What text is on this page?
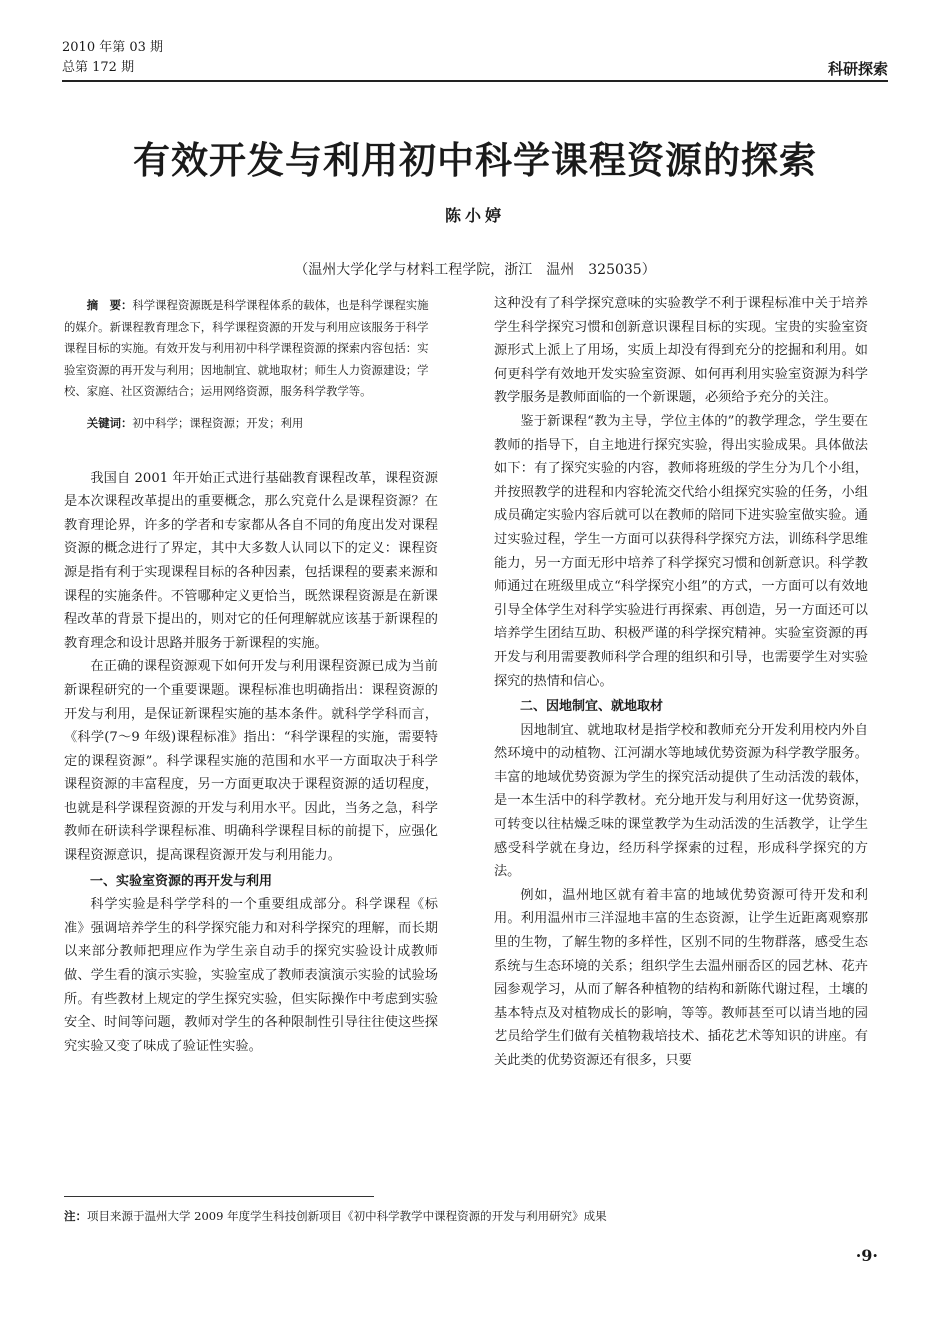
2010 年第 03 期
总第 172 期	科研探索
有效开发与利用初中科学课程资源的探索
陈小婷
（温州大学化学与材料工程学院，浙江　温州　325035）
摘　要：科学课程资源既是科学课程体系的载体，也是科学课程实施的媒介。新课程教育理念下，科学课程资源的开发与利用应该服务于科学课程目标的实施。有效开发与利用初中科学课程资源的探索内容包括：实验室资源的再开发与利用；因地制宜、就地取材；师生人力资源建设；学校、家庭、社区资源结合；运用网络资源，服务科学教学等。
关键词：初中科学；课程资源；开发；利用

我国自 2001 年开始正式进行基础教育课程改革，课程资源是本次课程改革提出的重要概念，那么究竟什么是课程资源？在教育理论界，许多的学者和专家都从各自不同的角度出发对课程资源的概念进行了界定，其中大多数人认同以下的定义：课程资源是指有利于实现课程目标的各种因素，包括课程的要素来源和课程的实施条件。不管哪种定义更恰当，既然课程资源是在新课程改革的背景下提出的，则对它的任何理解就应该基于新课程的教育理念和设计思路并服务于新课程的实施。

在正确的课程资源观下如何开发与利用课程资源已成为当前新课程研究的一个重要课题。课程标准也明确指出：课程资源的开发与利用，是保证新课程实施的基本条件。就科学学科而言，《科学(7～9 年级)课程标准》指出：“科学课程的实施，需要特定的课程资源”。科学课程实施的范围和水平一方面取决于科学课程资源的丰富程度，另一方面更取决于课程资源的适切程度，也就是科学课程资源的开发与利用水平。因此，当务之急，科学教师在研读科学课程标准、明确科学课程目标的前提下，应强化课程资源意识，提高课程资源开发与利用能力。

一、实验室资源的再开发与利用

科学实验是科学学科的一个重要组成部分。科学课程《标准》强调培养学生的科学探究能力和对科学探究的理解，而长期以来部分教师把理应作为学生亲自动手的探究实验设计成教师做、学生看的演示实验，实验室成了教师表演演示实验的试验场所。有些教材上规定的学生探究实验，但实际操作中考虑到实验安全、时间等问题，教师对学生的各种限制性引导往往使这些探究实验又变了味成了验证性实验。

这种没有了科学探究意味的实验教学不利于课程标准中关于培养学生科学探究习惯和创新意识课程目标的实现。宝贵的实验室资源形式上派上了用场，实质上却没有得到充分的挖掘和利用。如何更科学有效地开发实验室资源、如何再利用实验室资源为科学教学服务是教师面临的一个新课题，必须给予充分的关注。

鉴于新课程“教为主导，学位主体的”的教学理念，学生要在教师的指导下，自主地进行探究实验，得出实验成果。具体做法如下：有了探究实验的内容，教师将班级的学生分为几个小组，并按照教学的进程和内容轮流交代给小组探究实验的任务，小组成员确定实验内容后就可以在教师的陪同下进实验室做实验。通过实验过程，学生一方面可以获得科学探究方法，训练科学思维能力，另一方面无形中培养了科学探究习惯和创新意识。科学教师通过在班级里成立“科学探究小组”的方式，一方面可以有效地引导全体学生对科学实验进行再探索、再创造，另一方面还可以培养学生团结互助、积极严谨的科学探究精神。实验室资源的再开发与利用需要教师科学合理的组织和引导，也需要学生对实验探究的热情和信心。

二、因地制宜、就地取材

因地制宜、就地取材是指学校和教师充分开发利用校内外自然环境中的动植物、江河湖水等地域优势资源为科学教学服务。丰富的地域优势资源为学生的探究活动提供了生动活泼的载体，是一本生活中的科学教材。充分地开发与利用好这一优势资源，可转变以往枯燥乏味的课堂教学为生动活泼的生活教学，让学生感受科学就在身边，经历科学探索的过程，形成科学探究的方法。

例如，温州地区就有着丰富的地域优势资源可待开发和利用。利用温州市三洋湿地丰富的生态资源，让学生近距离观察那里的生物，了解生物的多样性，区别不同的生物群落，感受生态系统与生态环境的关系；组织学生去温州丽岙区的园艺林、花卉园参观学习，从而了解各种植物的结构和新陈代谢过程，土壤的基本特点及对植物成长的影响，等等。教师甚至可以请当地的园艺员给学生们做有关植物栽培技术、插花艺术等知识的讲座。有关此类的优势资源还有很多，只要

注：项目来源于温州大学 2009 年度学生科技创新项目《初中科学教学中课程资源的开发与利用研究》成果
·9·
